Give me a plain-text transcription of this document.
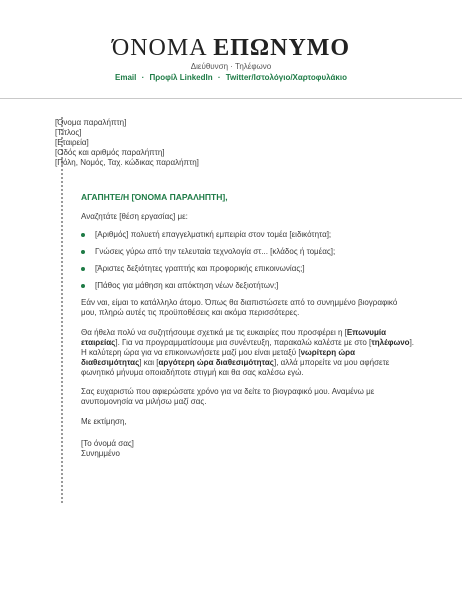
ΌΝΟΜΑ ΕΠΩΝΥΜΟ
Διεύθυνση · Τηλέφωνο
Email · Προφίλ LinkedIn · Twitter/Ιστολόγιο/Χαρτοφυλάκιο
[Όνομα παραλήπτη]
[Τίτλος]
[Εταιρεία]
[Οδός και αριθμός παραλήπτη]
[Πόλη, Νομός, Ταχ. κώδικας παραλήπτη]
ΑΓΑΠΗΤΕ/Η [ΌΝΟΜΑ ΠΑΡΑΛΗΠΤΗ],
Αναζητάτε [θέση εργασίας] με:
[Αριθμός] πολυετή επαγγελματική εμπειρία στον τομέα [ειδικότητα];
Γνώσεις γύρω από την τελευταία τεχνολογία στ... [κλάδος ή τομέας];
[Άριστες δεξιότητες γραπτής και προφορικής επικοινωνίας;]
[Πάθος για μάθηση και απόκτηση νέων δεξιοτήτων;]

Εάν ναι, είμαι το κατάλληλο άτομο. Όπως θα διαπιστώσετε από το συνημμένο βιογραφικό μου, πληρώ αυτές τις προϋποθέσεις και ακόμα περισσότερες.

Θα ήθελα πολύ να συζητήσουμε σχετικά με τις ευκαιρίες που προσφέρει η [Επωνυμία εταιρείας]. Για να προγραμματίσουμε μια συνέντευξη, παρακαλώ καλέστε με στο [τηλέφωνο]. Η καλύτερη ώρα για να επικοινωνήσετε μαζί μου είναι μεταξύ [νωρίτερη ώρα διαθεσιμότητας] και [αργότερη ώρα διαθεσιμότητας], αλλά μπορείτε να μου αφήσετε φωνητικό μήνυμα οποιαδήποτε στιγμή και θα σας καλέσω εγώ.

Σας ευχαριστώ που αφιερώσατε χρόνο για να δείτε το βιογραφικό μου. Αναμένω με ανυπομονησία να μιλήσω μαζί σας.

Με εκτίμηση,

[Το όνομά σας]
Συνημμένο
